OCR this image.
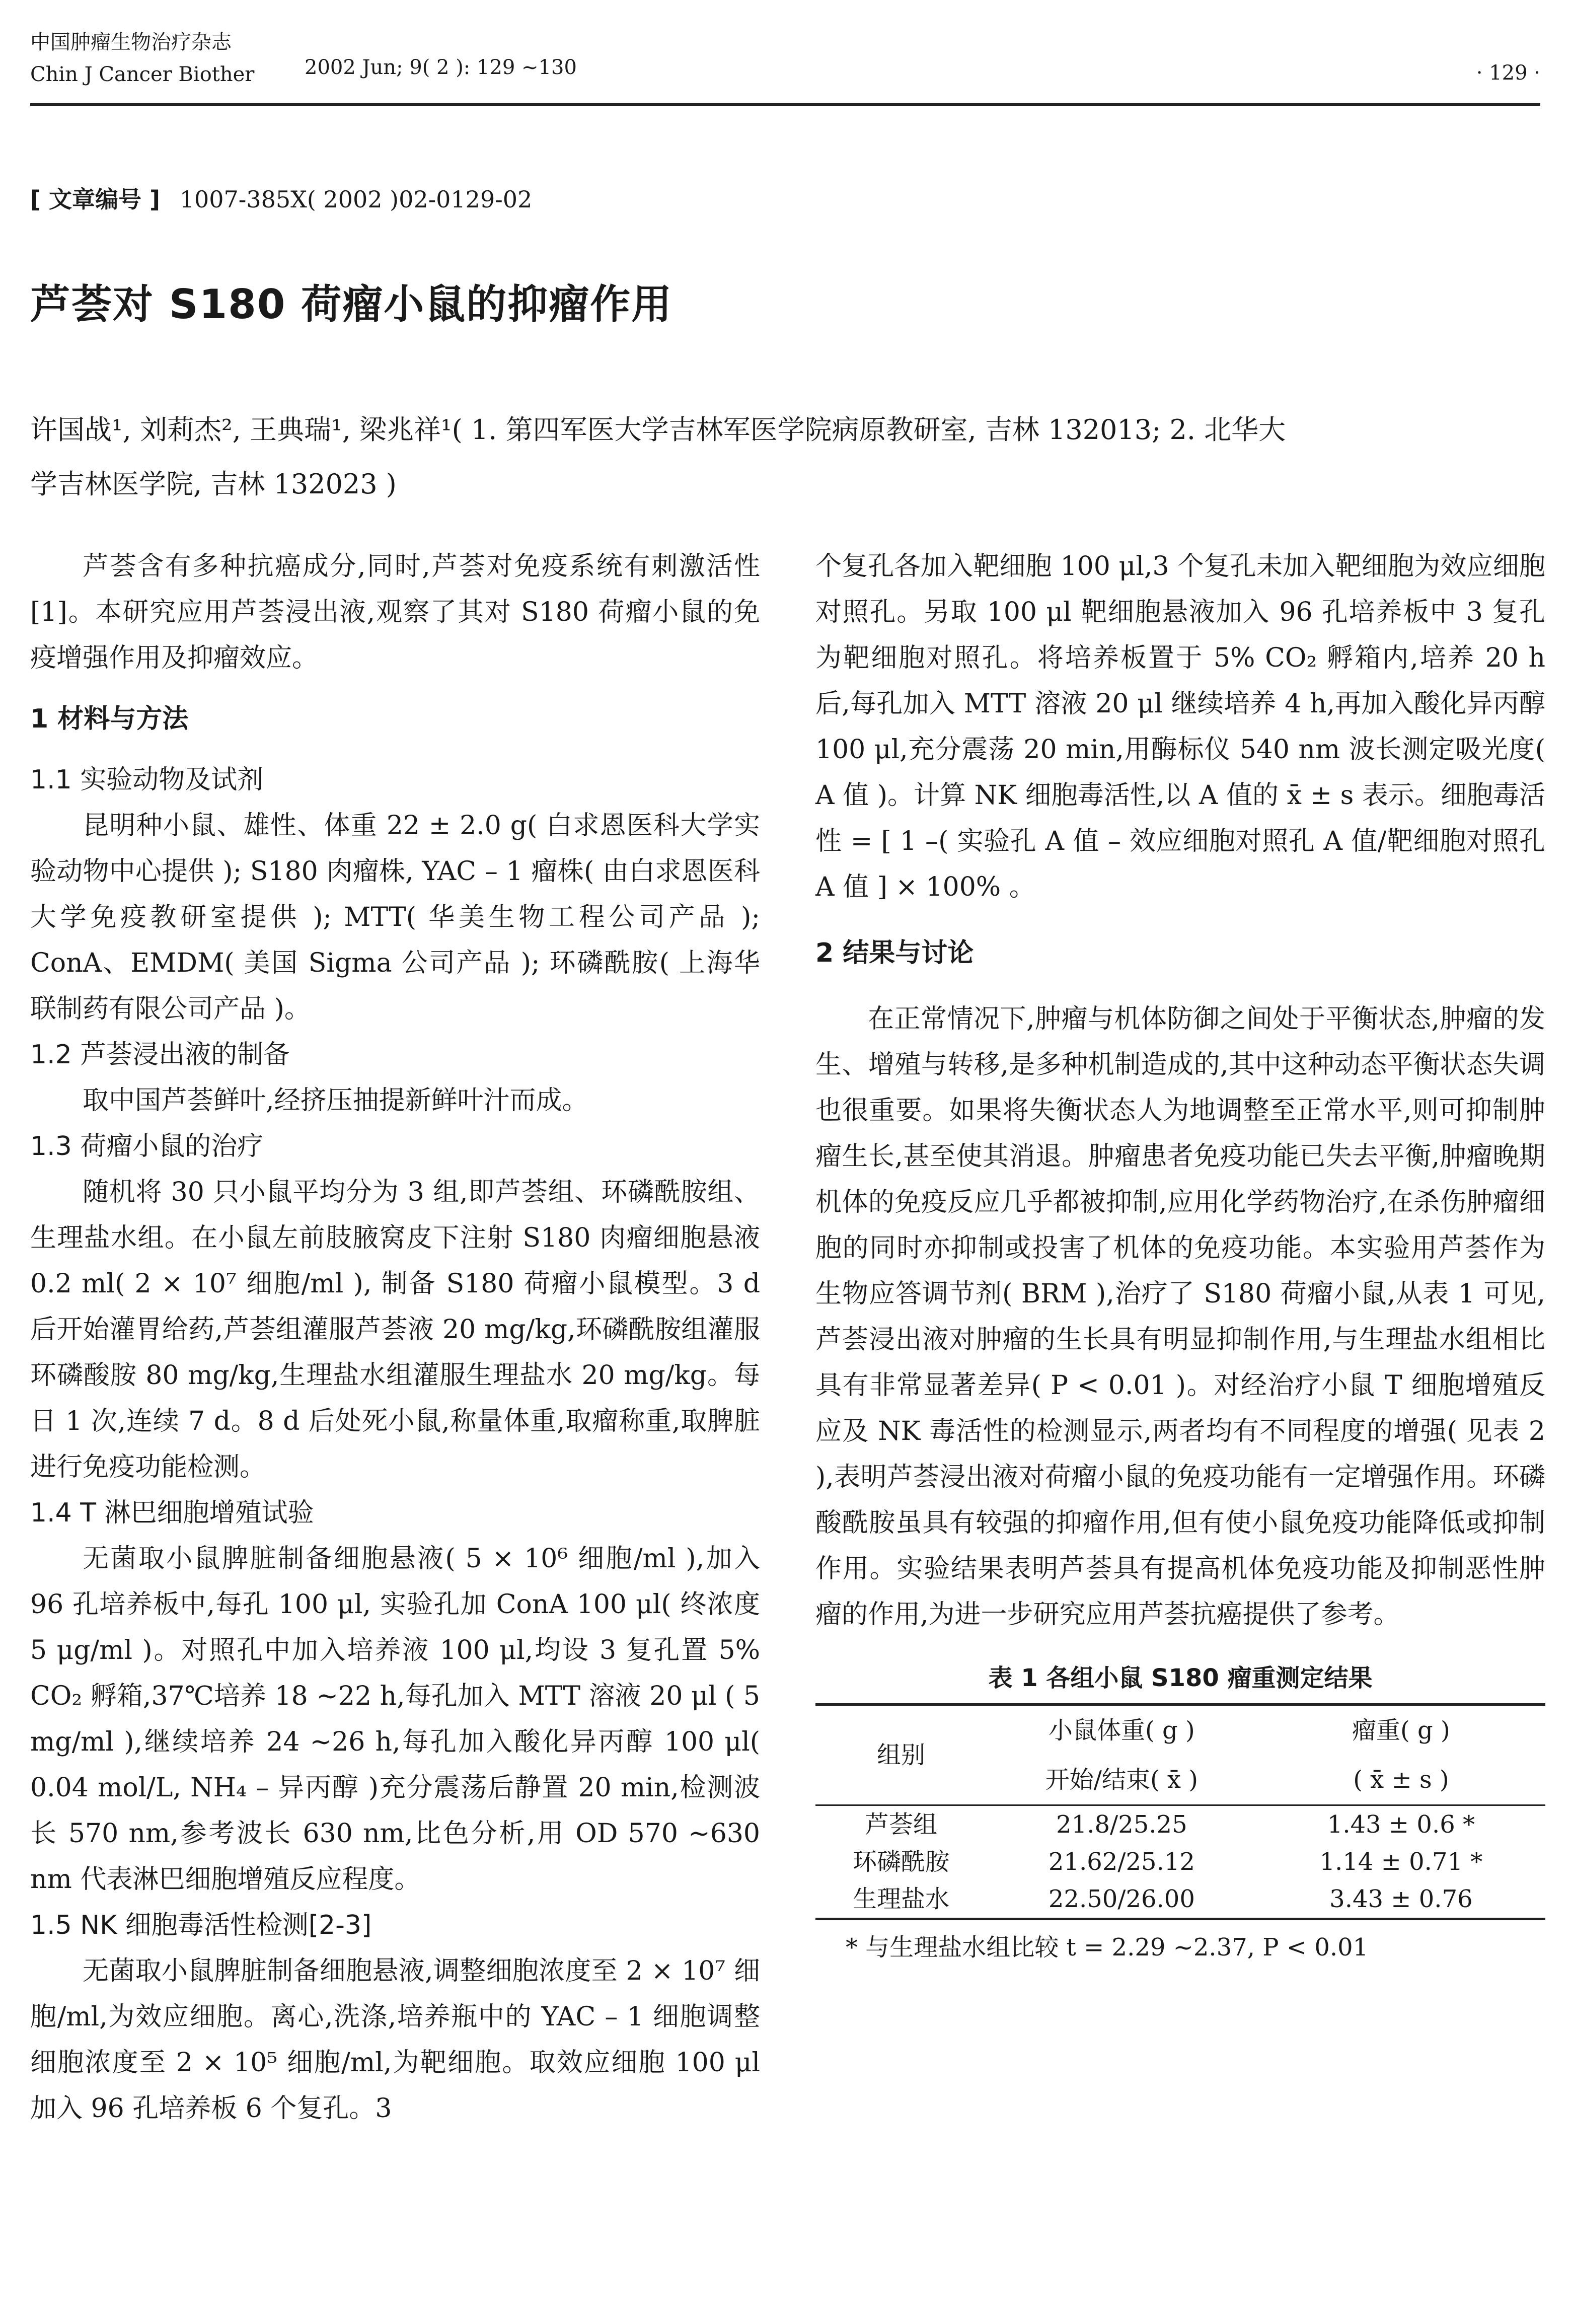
中国肿瘤生物治疗杂志
Chin J Cancer Biother 2002 Jun; 9( 2 ): 129 ~130	· 129 ·
[ 文章编号 ] 1007-385X( 2002 )02-0129-02
芦荟对 S180 荷瘤小鼠的抑瘤作用
许国战¹, 刘莉杰², 王典瑞¹, 梁兆祥¹( 1. 第四军医大学吉林军医学院病原教研室, 吉林 132013; 2. 北华大
学吉林医学院, 吉林 132023 )

芦荟含有多种抗癌成分,同时,芦荟对免疫系统有刺激活性[1]。本研究应用芦荟浸出液,观察了其对 S180 荷瘤小鼠的免疫增强作用及抑瘤效应。

1 材料与方法
1.1 实验动物及试剂

昆明种小鼠、雄性、体重 22 ± 2.0 g( 白求恩医科大学实验动物中心提供 ); S180 肉瘤株, YAC – 1 瘤株( 由白求恩医科大学免疫教研室提供 ); MTT( 华美生物工程公司产品 ); ConA、EMDM( 美国 Sigma 公司产品 ); 环磷酰胺( 上海华联制药有限公司产品 )。

1.2 芦荟浸出液的制备

取中国芦荟鲜叶,经挤压抽提新鲜叶汁而成。

1.3 荷瘤小鼠的治疗

随机将 30 只小鼠平均分为 3 组,即芦荟组、环磷酰胺组、生理盐水组。在小鼠左前肢腋窝皮下注射 S180 肉瘤细胞悬液 0.2 ml( 2 × 10⁷ 细胞/ml ), 制备 S180 荷瘤小鼠模型。3 d 后开始灌胃给药,芦荟组灌服芦荟液 20 mg/kg,环磷酰胺组灌服环磷酸胺 80 mg/kg,生理盐水组灌服生理盐水 20 mg/kg。每日 1 次,连续 7 d。8 d 后处死小鼠,称量体重,取瘤称重,取脾脏进行免疫功能检测。

1.4 T 淋巴细胞增殖试验

无菌取小鼠脾脏制备细胞悬液( 5 × 10⁶ 细胞/ml ),加入 96 孔培养板中,每孔 100 μl, 实验孔加 ConA 100 μl( 终浓度 5 μg/ml )。对照孔中加入培养液 100 μl,均设 3 复孔置 5% CO₂ 孵箱,37℃培养 18 ~22 h,每孔加入 MTT 溶液 20 μl ( 5 mg/ml ),继续培养 24 ~26 h,每孔加入酸化异丙醇 100 μl( 0.04 mol/L, NH₄ – 异丙醇 )充分震荡后静置 20 min,检测波长 570 nm,参考波长 630 nm,比色分析,用 OD 570 ~630 nm 代表淋巴细胞增殖反应程度。

1.5 NK 细胞毒活性检测[2-3]

无菌取小鼠脾脏制备细胞悬液,调整细胞浓度至 2 × 10⁷ 细胞/ml,为效应细胞。离心,洗涤,培养瓶中的 YAC – 1 细胞调整细胞浓度至 2 × 10⁵ 细胞/ml,为靶细胞。取效应细胞 100 μl 加入 96 孔培养板 6 个复孔。3

个复孔各加入靶细胞 100 μl,3 个复孔未加入靶细胞为效应细胞对照孔。另取 100 μl 靶细胞悬液加入 96 孔培养板中 3 复孔为靶细胞对照孔。将培养板置于 5% CO₂ 孵箱内,培养 20 h 后,每孔加入 MTT 溶液 20 μl 继续培养 4 h,再加入酸化异丙醇 100 μl,充分震荡 20 min,用酶标仪 540 nm 波长测定吸光度( A 值 )。计算 NK 细胞毒活性,以 A 值的 x̄ ± s 表示。细胞毒活性 = [ 1 –( 实验孔 A 值 – 效应细胞对照孔 A 值/靶细胞对照孔 A 值 ] × 100% 。

2 结果与讨论

在正常情况下,肿瘤与机体防御之间处于平衡状态,肿瘤的发生、增殖与转移,是多种机制造成的,其中这种动态平衡状态失调也很重要。如果将失衡状态人为地调整至正常水平,则可抑制肿瘤生长,甚至使其消退。肿瘤患者免疫功能已失去平衡,肿瘤晚期机体的免疫反应几乎都被抑制,应用化学药物治疗,在杀伤肿瘤细胞的同时亦抑制或投害了机体的免疫功能。本实验用芦荟作为生物应答调节剂( BRM ),治疗了 S180 荷瘤小鼠,从表 1 可见,芦荟浸出液对肿瘤的生长具有明显抑制作用,与生理盐水组相比具有非常显著差异( P < 0.01 )。对经治疗小鼠 T 细胞增殖反应及 NK 毒活性的检测显示,两者均有不同程度的增强( 见表 2 ),表明芦荟浸出液对荷瘤小鼠的免疫功能有一定增强作用。环磷酸酰胺虽具有较强的抑瘤作用,但有使小鼠免疫功能降低或抑制作用。实验结果表明芦荟具有提高机体免疫功能及抑制恶性肿瘤的作用,为进一步研究应用芦荟抗癌提供了参考。

表 1 各组小鼠 S180 瘤重测定结果
组别	小鼠体重( g )	瘤重( g )
	开始/结束( x̄ )	( x̄ ± s )
芦荟组	21.8/25.25	1.43 ± 0.6 *
环磷酰胺	21.62/25.12	1.14 ± 0.71 *
生理盐水	22.50/26.00	3.43 ± 0.76
* 与生理盐水组比较 t = 2.29 ~2.37, P < 0.01
